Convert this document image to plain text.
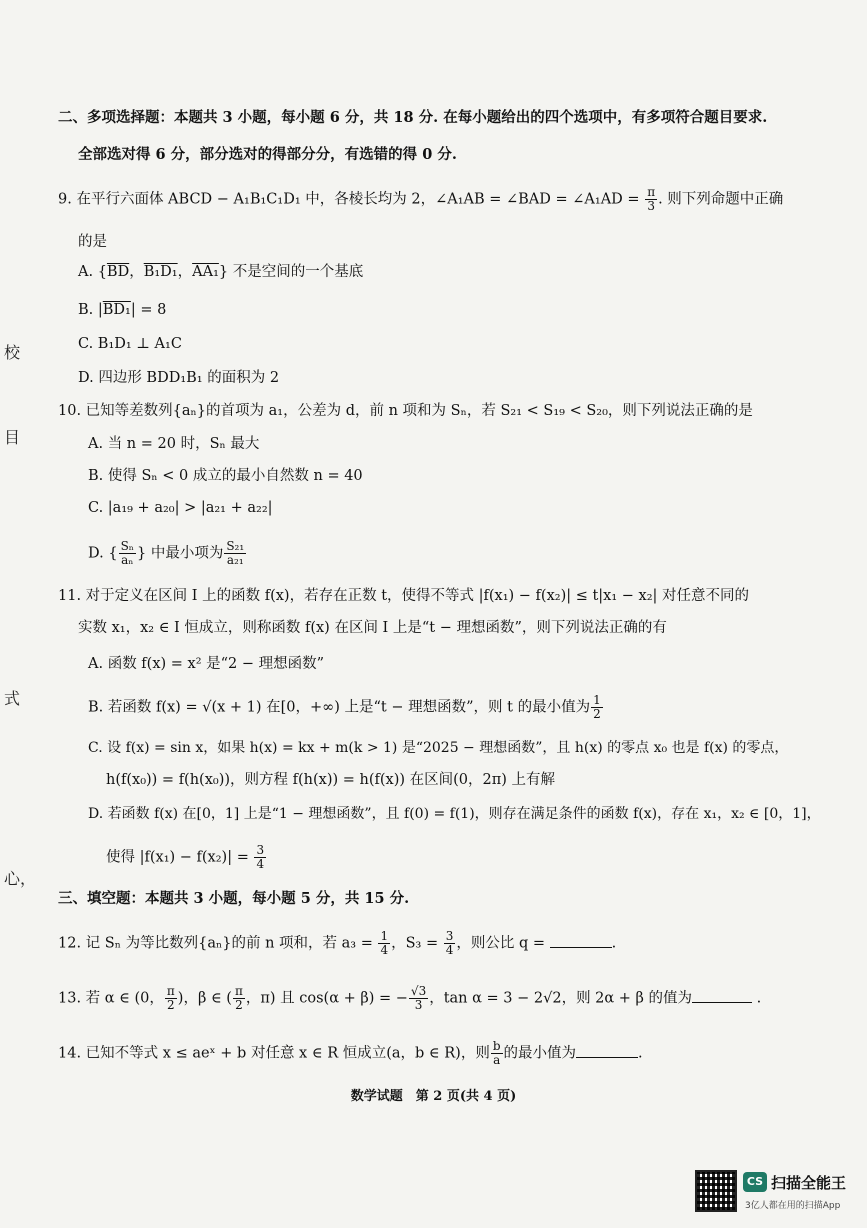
校
目
式
心，
二、多项选择题：本题共 3 小题，每小题 6 分，共 18 分. 在每小题给出的四个选项中，有多项符合题目要求.
全部选对得 6 分，部分选对的得部分分，有选错的得 0 分.
9. 在平行六面体 ABCD − A₁B₁C₁D₁ 中，各棱长均为 2，∠A₁AB = ∠BAD = ∠A₁AD = $\frac{\pi}{3}$ . 则下列命题中正确
的是
A. {$\overline{BD}$，B₁D₁，AA₁} 不是空间的一个基底
B. |BD₁| = 8
C. B₁D₁ ⊥ A₁C
D. 四边形 BDD₁B₁ 的面积为 2
10. 已知等差数列{aₙ}的首项为 a₁，公差为 d，前 n 项和为 Sₙ，若 S₂₁ < S₁₉ < S₂₀，则下列说法正确的是
A. 当 n = 20 时，Sₙ 最大
B. 使得 Sₙ < 0 成立的最小自然数 n = 40
C. |a₁₉ + a₂₀| > |a₂₁ + a₂₂|
D. { $\frac{\text{Sₙ}}{\text{aₙ}}$ } 中最小项为 $\frac{\text{S₂₁}}{\text{a₂₁}}$
11. 对于定义在区间 I 上的函数 f(x)，若存在正数 t，使得不等式 |f(x₁) − f(x₂)| ≤ t|x₁ − x₂| 对任意不同的
实数 x₁，x₂ ∈ I 恒成立，则称函数 f(x) 在区间 I 上是“t − 理想函数”，则下列说法正确的有
A. 函数 f(x) = x² 是“2 − 理想函数”
B. 若函数 f(x) = √(x + 1) 在[0，+∞) 上是“t − 理想函数”，则 t 的最小值为 $\frac{1}{2}$
C. 设 f(x) = sin x，如果 h(x) = kx + m(k > 1) 是“2025 − 理想函数”，且 h(x) 的零点 x₀ 也是 f(x) 的零点，
h(f(x₀)) = f(h(x₀))，则方程 f(h(x)) = h(f(x)) 在区间(0，2π) 上有解
D. 若函数 f(x) 在[0，1] 上是“1 − 理想函数”，且 f(0) = f(1)，则存在满足条件的函数 f(x)，存在 x₁，x₂ ∈ [0，1]，
使得 $|f(x_1) - f(x_2)| = \frac{3}{4}$
三、填空题：本题共 3 小题，每小题 5 分，共 15 分.
12. 记 Sₙ 为等比数列{aₙ}的前 n 项和，若 $a_3 = \frac{1}{4}$ ，$S_3 = \frac{3}{4}$ ，则公比 q =	.
13. 若 α ∈ (0， $\frac{\pi}{2}$ )，β ∈ ( $\frac{\pi}{2}$ ，π) 且 cos(α + β) = − $\frac{√3}{3}$ ，tan α = 3 − 2√2，则 2α + β 的值为	.
14. 已知不等式 x ≤ aeˣ + b 对任意 x ∈ R 恒成立(a，b ∈ R)，则 $\frac{b}{a}$ 的最小值为	.
数学试题　第 2 页(共 4 页)
CS 扫描全能王
3亿人都在用的扫描App
